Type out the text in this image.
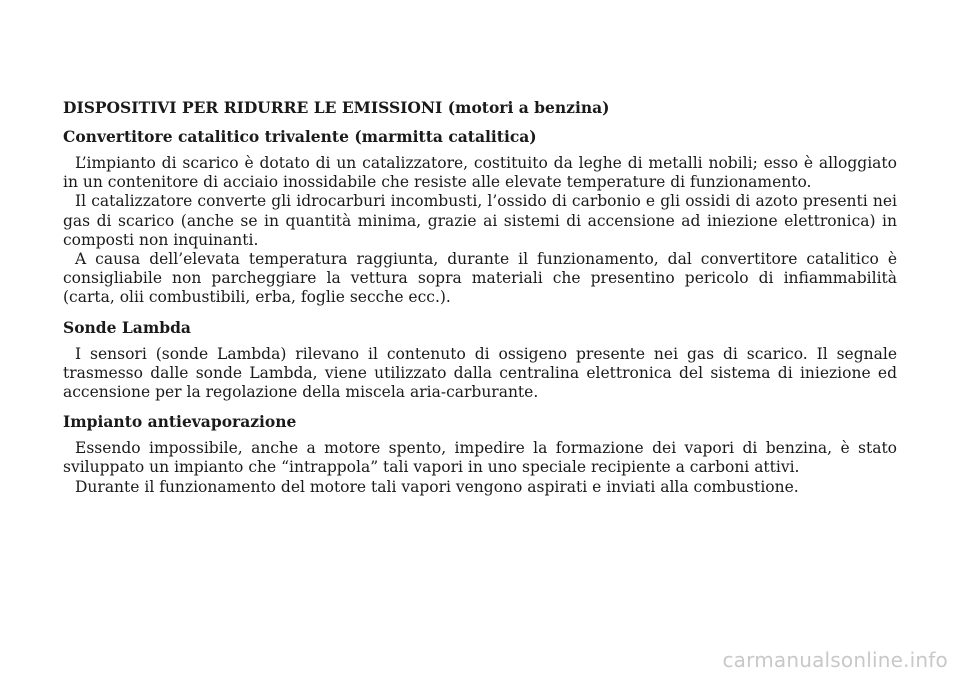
DISPOSITIVI PER RIDURRE LE EMISSIONI (motori a benzina)
Convertitore catalitico trivalente (marmitta catalitica)

L’impianto di scarico è dotato di un catalizzatore, costituito da leghe di metalli nobili; esso è alloggiato in un contenitore di acciaio inossidabile che resiste alle elevate temperature di funzionamento.

Il catalizzatore converte gli idrocarburi incombusti, l’ossido di carbonio e gli ossidi di azoto presenti nei gas di scarico (anche se in quantità minima, grazie ai sistemi di accensione ad iniezione elettronica) in composti non inquinanti.

A causa dell’elevata temperatura raggiunta, durante il funzionamento, dal convertitore catalitico è consigliabile non parcheggiare la vettura sopra materiali che presentino pericolo di infiammabilità (carta, olii combustibili, erba, foglie secche ecc.).

Sonde Lambda

I sensori (sonde Lambda) rilevano il contenuto di ossigeno presente nei gas di scarico. Il segnale trasmesso dalle sonde Lambda, viene utilizzato dalla centralina elettronica del sistema di iniezione ed accensione per la regolazione della miscela aria-carburante.

Impianto antievaporazione

Essendo impossibile, anche a motore spento, impedire la formazione dei vapori di benzina, è stato sviluppato un impianto che “intrappola” tali vapori in uno speciale recipiente a carboni attivi.

Durante il funzionamento del motore tali vapori vengono aspirati e inviati alla combustione.

carmanualsonline.info
